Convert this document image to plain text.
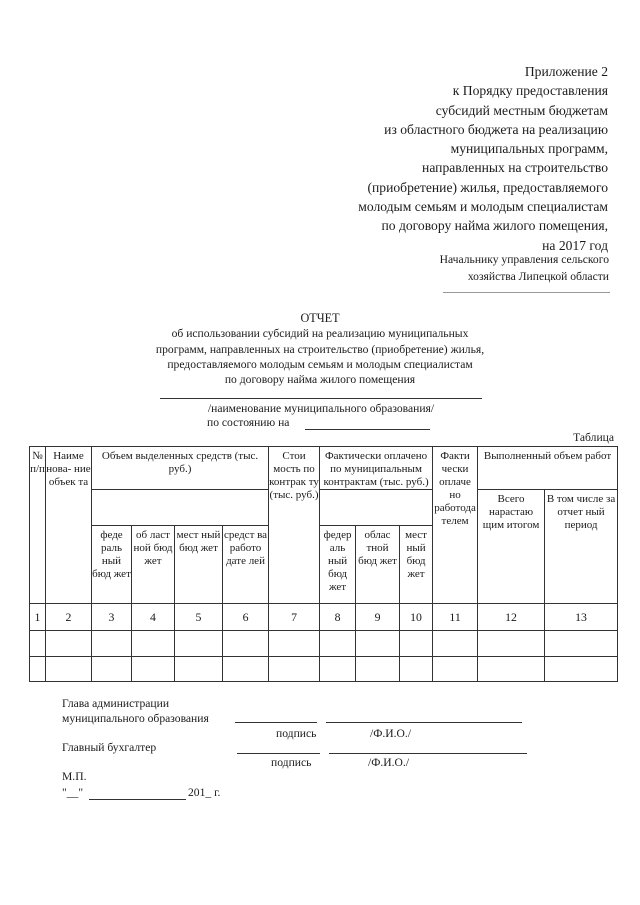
Приложение 2
к Порядку предоставления
субсидий местным бюджетам
из областного бюджета на реализацию
муниципальных программ,
направленных на строительство
(приобретение) жилья, предоставляемого
молодым семьям и молодым специалистам
по договору найма жилого помещения,
на 2017 год
Начальнику управления сельского
хозяйства Липецкой области
ОТЧЕТ
об использовании субсидий на реализацию муниципальных
программ, направленных на строительство (приобретение) жилья,
предоставляемого молодым семьям и молодым специалистам
по договору найма жилого помещения
/наименование муниципального образования/
по состоянию на
Таблица
№ п/п	Наиме нова- ние объек та	Объем выделенных средств (тыс. руб.)				Стои мость по контрак ту (тыс. руб.)	Фактически оплачено по муниципальным контрактам (тыс. руб.)			Факти чески оплаче но работода телем	Выполненный объем работ	
											Всего нарастаю щим итогом	В том числе за отчет ный период
		феде раль ный бюд жет	об ласт ной бюд жет	мест ный бюд жет	средст ва работо дате лей		федер аль ный бюд жет	облас тной бюд жет	мест ный бюд жет			
1	2	3	4	5	6	7	8	9	10	11	12	13

Глава администрации
муниципального образования
подпись	/Ф.И.О./
Главный бухгалтер
подпись	/Ф.И.О./
М.П.
"__"	201_ г.
